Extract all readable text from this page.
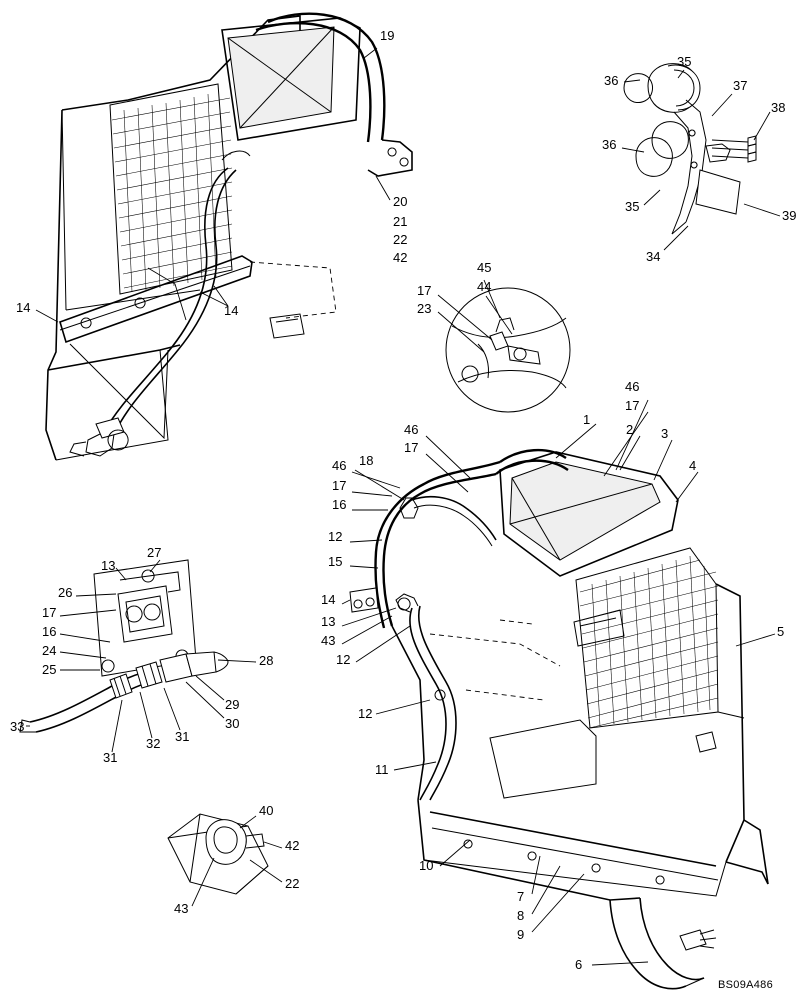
19
20
21
22
42
14	14
36
35
37
38
36
35
39
34
45
44
17
23
46
17
1
2 3
4
46
17
46 18
17
16
12
15
14
13
43
12
5
12
11
10
7
8
9
6
27
13
26
17
16
24
25
28
29
30
31
32
33
31
40
42
22
43
BS09A486
